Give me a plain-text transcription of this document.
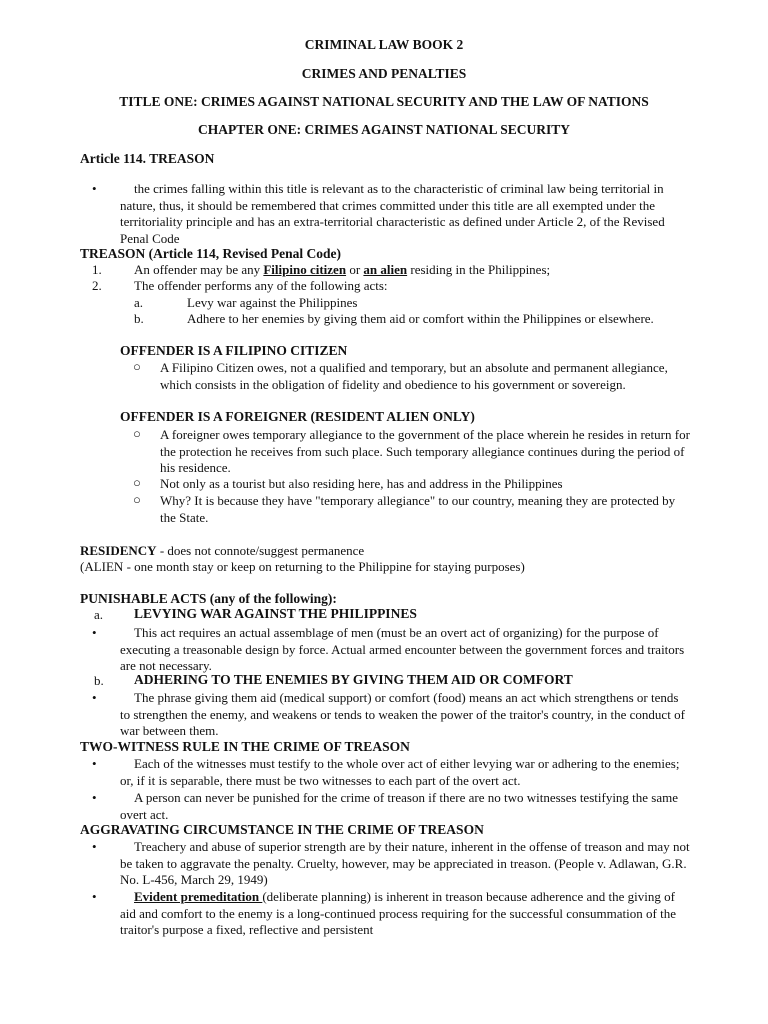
CRIMINAL LAW BOOK 2
CRIMES AND PENALTIES
TITLE ONE: CRIMES AGAINST NATIONAL SECURITY AND THE LAW OF NATIONS
CHAPTER ONE: CRIMES AGAINST NATIONAL SECURITY
Article 114. TREASON
•	the crimes falling within this title is relevant as to the characteristic of criminal law being territorial in nature, thus, it should be remembered that crimes committed under this title are all exempted under the territoriality principle and has an extra-territorial characteristic as defined under Article 2, of the Revised Penal Code
TREASON (Article 114, Revised Penal Code)
1. An offender may be any Filipino citizen or an alien residing in the Philippines;
2. The offender performs any of the following acts:
a.	Levy war against the Philippines
b.	Adhere to her enemies by giving them aid or comfort within the Philippines or elsewhere.
OFFENDER IS A FILIPINO CITIZEN
○ A Filipino Citizen owes, not a qualified and temporary, but an absolute and permanent allegiance, which consists in the obligation of fidelity and obedience to his government or sovereign.
OFFENDER IS A FOREIGNER (RESIDENT ALIEN ONLY)
○ A foreigner owes temporary allegiance to the government of the place wherein he resides in return for the protection he receives from such place. Such temporary allegiance continues during the period of his residence.
○ Not only as a tourist but also residing here, has and address in the Philippines
○ Why? It is because they have "temporary allegiance" to our country, meaning they are protected by the State.
RESIDENCY - does not connote/suggest permanence
(ALIEN - one month stay or keep on returning to the Philippine for staying purposes)
PUNISHABLE ACTS (any of the following):
a. LEVYING WAR AGAINST THE PHILIPPINES
•	This act requires an actual assemblage of men (must be an overt act of organizing) for the purpose of executing a treasonable design by force. Actual armed encounter between the government forces and traitors are not necessary.
b. ADHERING TO THE ENEMIES BY GIVING THEM AID OR COMFORT
•	The phrase giving them aid (medical support) or comfort (food) means an act which strengthens or tends to strengthen the enemy, and weakens or tends to weaken the power of the traitor's country, in the conduct of war between them.
TWO-WITNESS RULE IN THE CRIME OF TREASON
•	Each of the witnesses must testify to the whole over act of either levying war or adhering to the enemies; or, if it is separable, there must be two witnesses to each part of the overt act.
•	A person can never be punished for the crime of treason if there are no two witnesses testifying the same overt act.
AGGRAVATING CIRCUMSTANCE IN THE CRIME OF TREASON
•	Treachery and abuse of superior strength are by their nature, inherent in the offense of treason and may not be taken to aggravate the penalty. Cruelty, however, may be appreciated in treason. (People v. Adlawan, G.R. No. L-456, March 29, 1949)
•	Evident premeditation (deliberate planning) is inherent in treason because adherence and the giving of aid and comfort to the enemy is a long-continued process requiring for the successful consummation of the traitor's purpose a fixed, reflective and persistent
